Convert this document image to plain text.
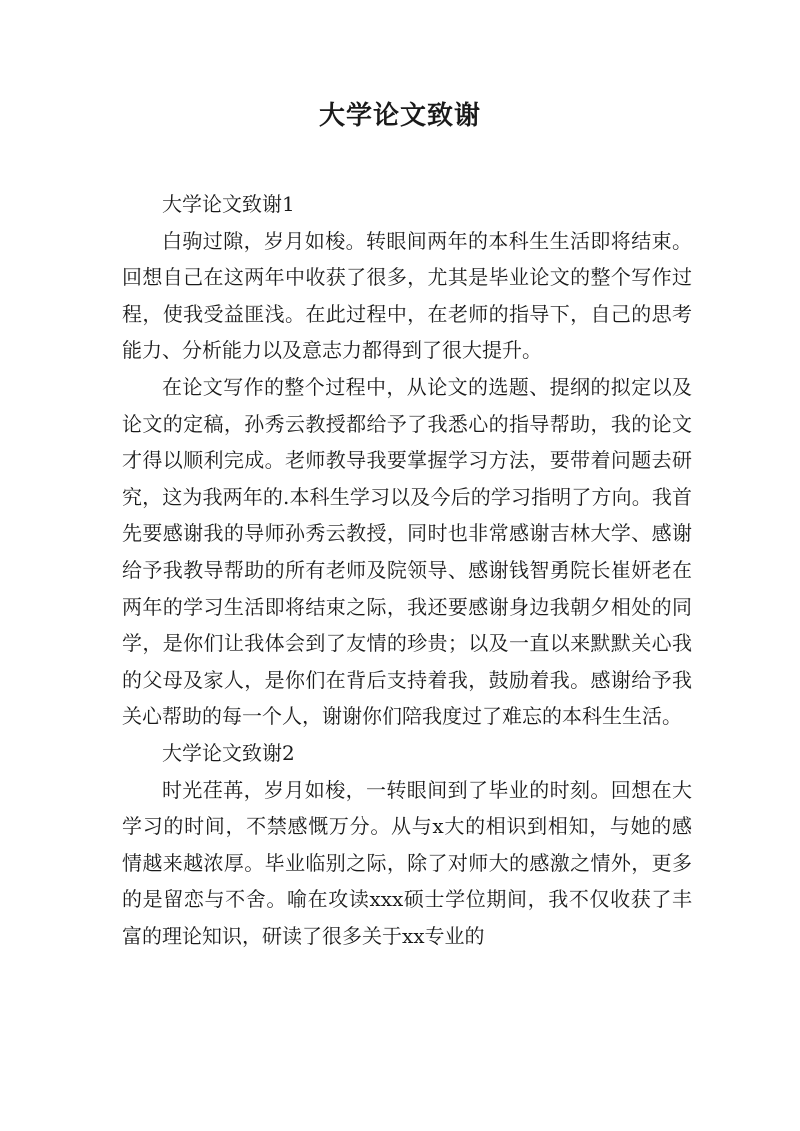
大学论文致谢
大学论文致谢1

白驹过隙，岁月如梭。转眼间两年的本科生生活即将结束。回想自己在这两年中收获了很多，尤其是毕业论文的整个写作过程，使我受益匪浅。在此过程中，在老师的指导下，自己的思考能力、分析能力以及意志力都得到了很大提升。

在论文写作的整个过程中，从论文的选题、提纲的拟定以及论文的定稿，孙秀云教授都给予了我悉心的指导帮助，我的论文才得以顺利完成。老师教导我要掌握学习方法，要带着问题去研究，这为我两年的.本科生学习以及今后的学习指明了方向。我首先要感谢我的导师孙秀云教授，同时也非常感谢吉林大学、感谢给予我教导帮助的所有老师及院领导、感谢钱智勇院长崔妍老在两年的学习生活即将结束之际，我还要感谢身边我朝夕相处的同学，是你们让我体会到了友情的珍贵；以及一直以来默默关心我的父母及家人，是你们在背后支持着我，鼓励着我。感谢给予我关心帮助的每一个人，谢谢你们陪我度过了难忘的本科生生活。

大学论文致谢2

时光荏苒，岁月如梭，一转眼间到了毕业的时刻。回想在大学习的时间，不禁感慨万分。从与x大的相识到相知，与她的感情越来越浓厚。毕业临别之际，除了对师大的感激之情外，更多的是留恋与不舍。喻在攻读xxx硕士学位期间，我不仅收获了丰富的理论知识，研读了很多关于xx专业的
